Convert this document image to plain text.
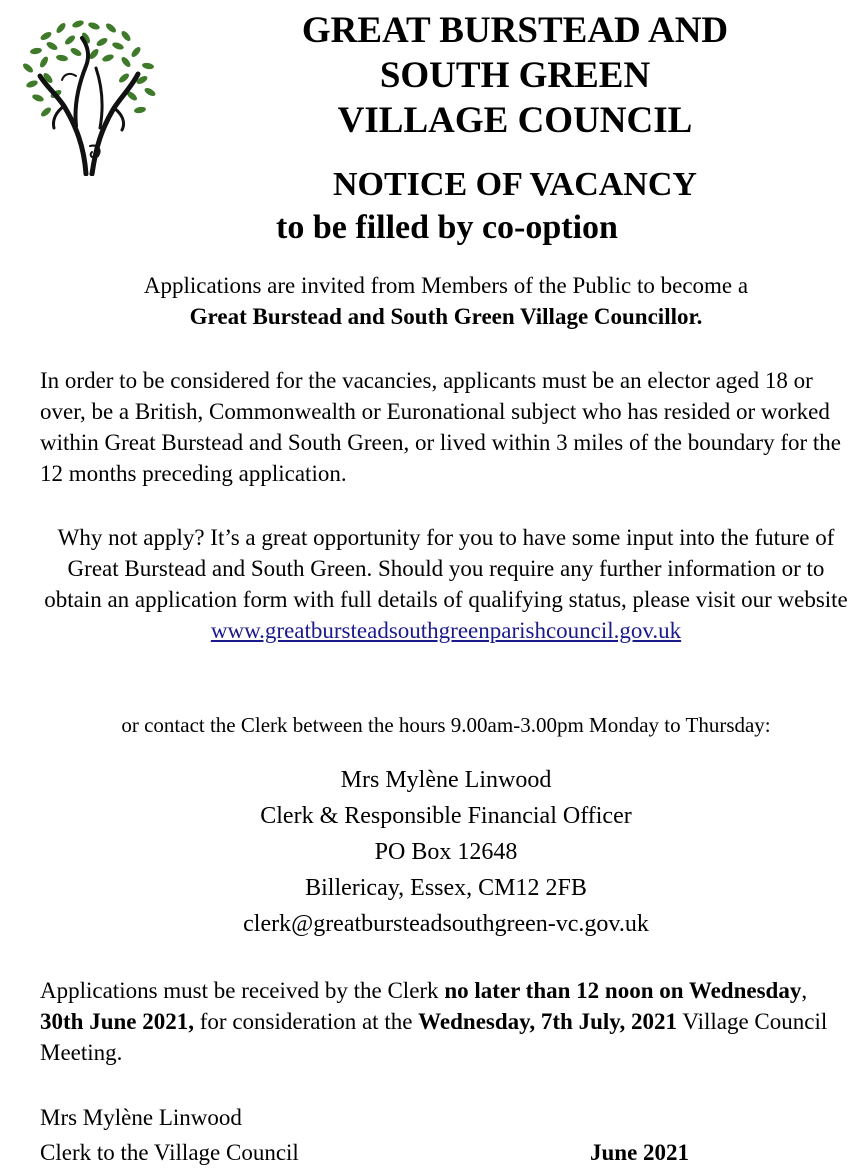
GREAT BURSTEAD AND
SOUTH GREEN
VILLAGE COUNCIL
NOTICE OF VACANCY
to be filled by co-option

Applications are invited from Members of the Public to become a
Great Burstead and South Green Village Councillor.

In order to be considered for the vacancies, applicants must be an elector aged 18 or over, be a British, Commonwealth or Euronational subject who has resided or worked within Great Burstead and South Green, or lived within 3 miles of the boundary for the 12 months preceding application.

Why not apply? It’s a great opportunity for you to have some input into the future of Great Burstead and South Green. Should you require any further information or to obtain an application form with full details of qualifying status, please visit our website
www.greatbursteadsouthgreenparishcouncil.gov.uk

or contact the Clerk between the hours 9.00am-3.00pm Monday to Thursday:

Mrs Mylène Linwood
Clerk & Responsible Financial Officer
PO Box 12648
Billericay, Essex, CM12 2FB
clerk@greatbursteadsouthgreen-vc.gov.uk

Applications must be received by the Clerk no later than 12 noon on Wednesday, 30th June 2021, for consideration at the Wednesday, 7th July, 2021 Village Council Meeting.

Mrs Mylène Linwood

Clerk to the Village Council	June 2021
